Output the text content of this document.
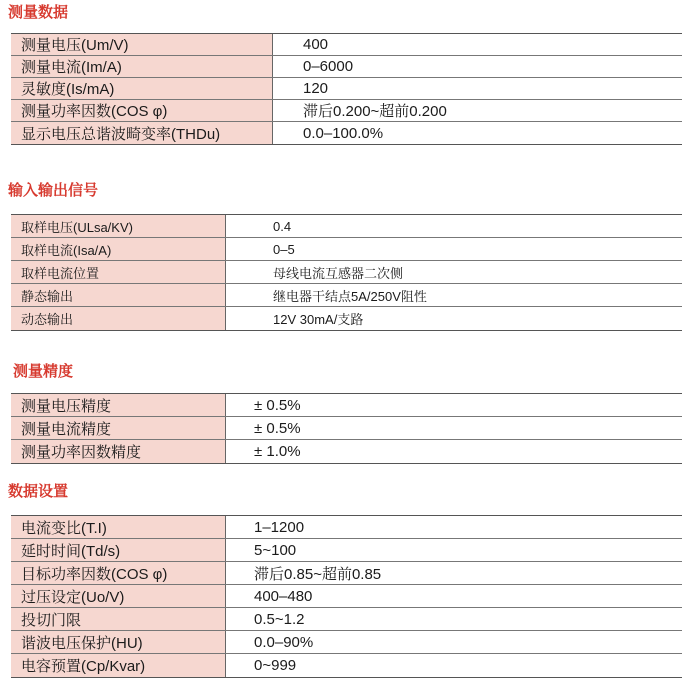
测量数据
测量电压(Um/V)	400
测量电流(Im/A)	0–6000
灵敏度(Is/mA)	120
测量功率因数(COS φ)	滞后0.200~超前0.200
显示电压总谐波畸变率(THDu)	0.0–100.0%
输入输出信号
取样电压(ULsa/KV)	0.4
取样电流(Isa/A)	0–5
取样电流位置	母线电流互感器二次侧
静态输出	继电器干结点5A/250V阻性
动态输出	12V 30mA/支路
测量精度
测量电压精度	± 0.5%
测量电流精度	± 0.5%
测量功率因数精度	± 1.0%
数据设置
电流变比(T.I)	1–1200
延时时间(Td/s)	5~100
目标功率因数(COS φ)	滞后0.85~超前0.85
过压设定(Uo/V)	400–480
投切门限	0.5~1.2
谐波电压保护(HU)	0.0–90%
电容预置(Cp/Kvar)	0~999
